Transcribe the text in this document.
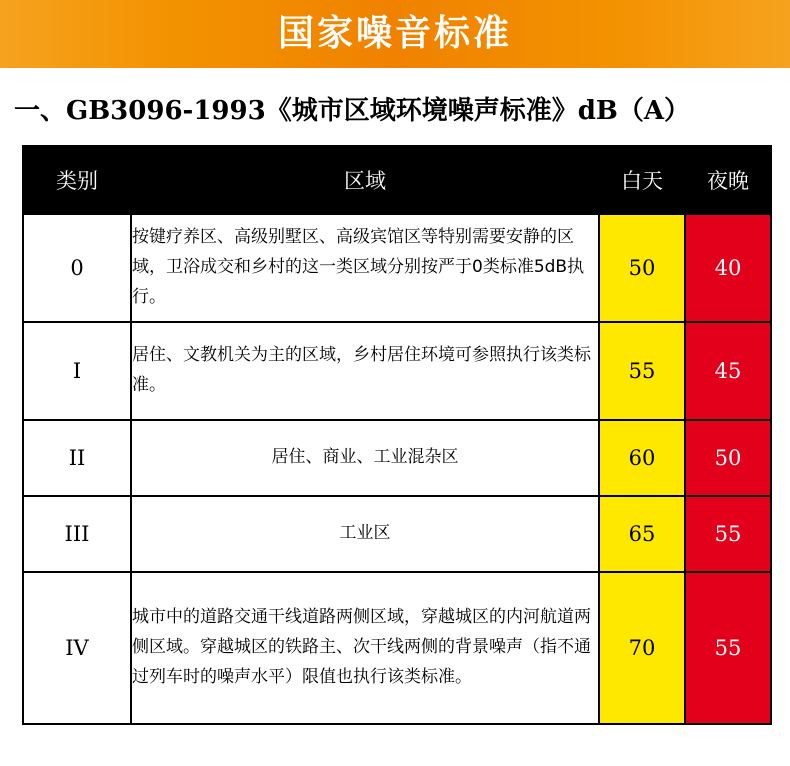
国家噪音标准
一、GB3096-1993《城市区域环境噪声标准》dB（A）
类别	区域	白天	夜晚
0	按键疗养区、高级别墅区、高级宾馆区等特别需要安静的区域，卫浴成交和乡村的这一类区域分别按严于0类标准5dB执行。	50	40
I	居住、文教机关为主的区域，乡村居住环境可参照执行该类标准。	55	45
II	居住、商业、工业混杂区	60	50
III	工业区	65	55
IV	城市中的道路交通干线道路两侧区域，穿越城区的内河航道两侧区域。穿越城区的铁路主、次干线两侧的背景噪声（指不通过列车时的噪声水平）限值也执行该类标准。	70	55
